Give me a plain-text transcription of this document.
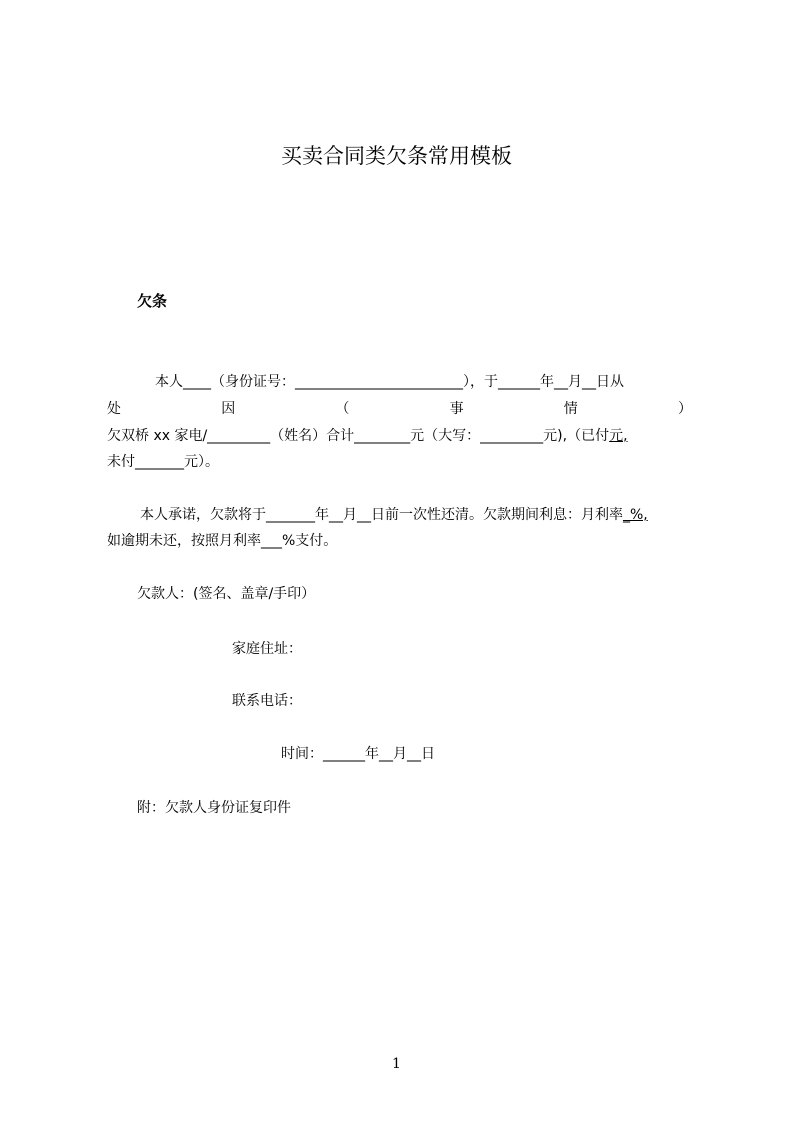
买卖合同类欠条常用模板
欠条
本人____（身份证号：________________________），于______年__月__日从
处	因	（	事	情	）
欠双桥 xx 家电/_________（姓名）合计________元（大写：_________元),（已付元,
未付_______元）。
本人承诺，欠款将于_______年__月__日前一次性还清。欠款期间利息：月利率_%,
如逾期未还，按照月利率___%支付。
欠款人：(签名、盖章/手印）
家庭住址：
联系电话：
时间：______年__月__日
附：欠款人身份证复印件
1
